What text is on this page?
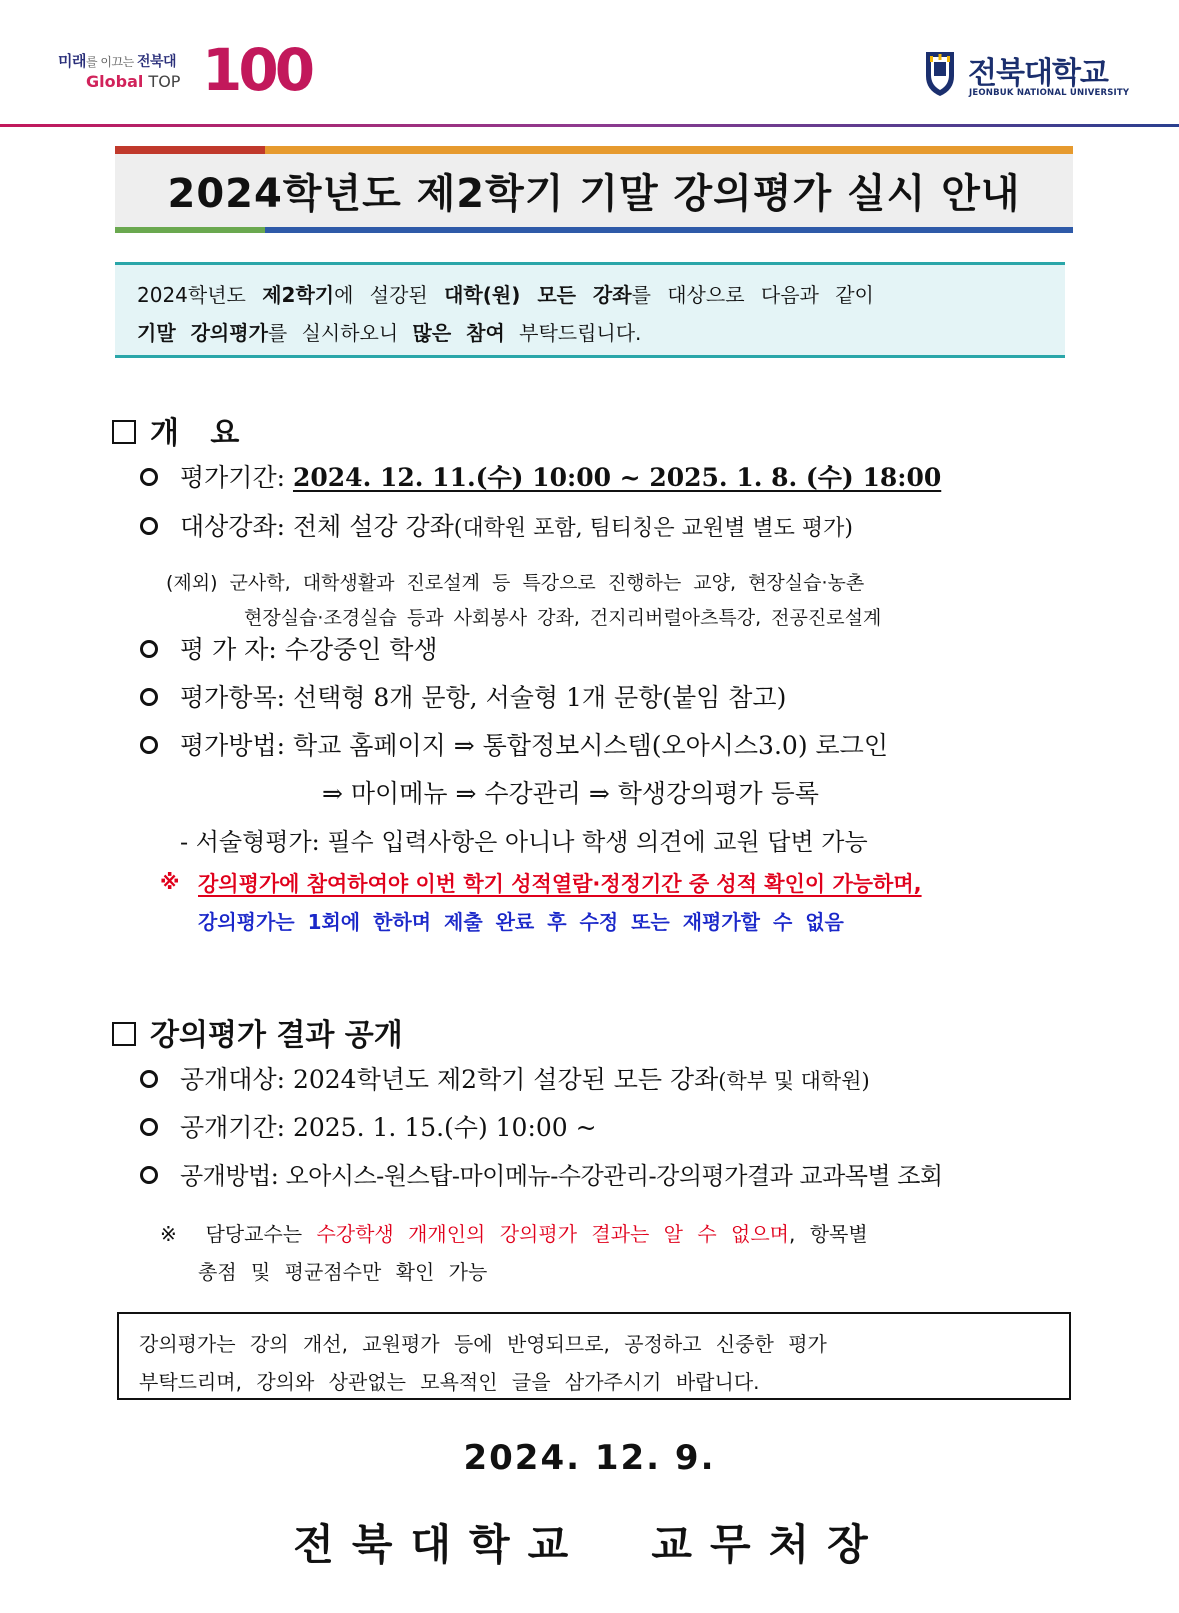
미래를 이끄는 전북대
Global TOP 100	전북대학교
JEONBUK NATIONAL UNIVERSITY
2024학년도 제2학기 기말 강의평가 실시 안내

2024학년도 제2학기에 설강된 대학(원) 모든 강좌를 대상으로 다음과 같이

기말 강의평가를 실시하오니 많은 참여 부탁드립니다.

개   요
평가기간: 2024. 12. 11.(수) 10:00 ~ 2025. 1. 8. (수) 18:00
대상강좌: 전체 설강 강좌(대학원 포함, 팀티칭은 교원별 별도 평가)
(제외) 군사학, 대학생활과 진로설계 등 특강으로 진행하는 교양, 현장실습·농촌
현장실습·조경실습 등과 사회봉사 강좌, 건지리버럴아츠특강, 전공진로설계
평 가 자: 수강중인 학생
평가항목: 선택형 8개 문항, 서술형 1개 문항(붙임 참고)
평가방법: 학교 홈페이지 ⇒ 통합정보시스템(오아시스3.0) 로그인
⇒ 마이메뉴 ⇒ 수강관리 ⇒ 학생강의평가 등록
- 서술형평가: 필수 입력사항은 아니나 학생 의견에 교원 답변 가능
※ 강의평가에 참여하여야 이번 학기 성적열람·정정기간 중 성적 확인이 가능하며,
강의평가는 1회에 한하며 제출 완료 후 수정 또는 재평가할 수 없음
강의평가 결과 공개
공개대상: 2024학년도 제2학기 설강된 모든 강좌(학부 및 대학원)
공개기간: 2025. 1. 15.(수) 10:00 ~
공개방법: 오아시스-원스탑-마이메뉴-수강관리-강의평가결과 교과목별 조회
※ 담당교수는 수강학생 개개인의 강의평가 결과는 알 수 없으며, 항목별
총점 및 평균점수만 확인 가능

강의평가는 강의 개선, 교원평가 등에 반영되므로, 공정하고 신중한 평가

부탁드리며, 강의와 상관없는 모욕적인 글을 삼가주시기 바랍니다.

2024. 12. 9.
전북대학교  교무처장
